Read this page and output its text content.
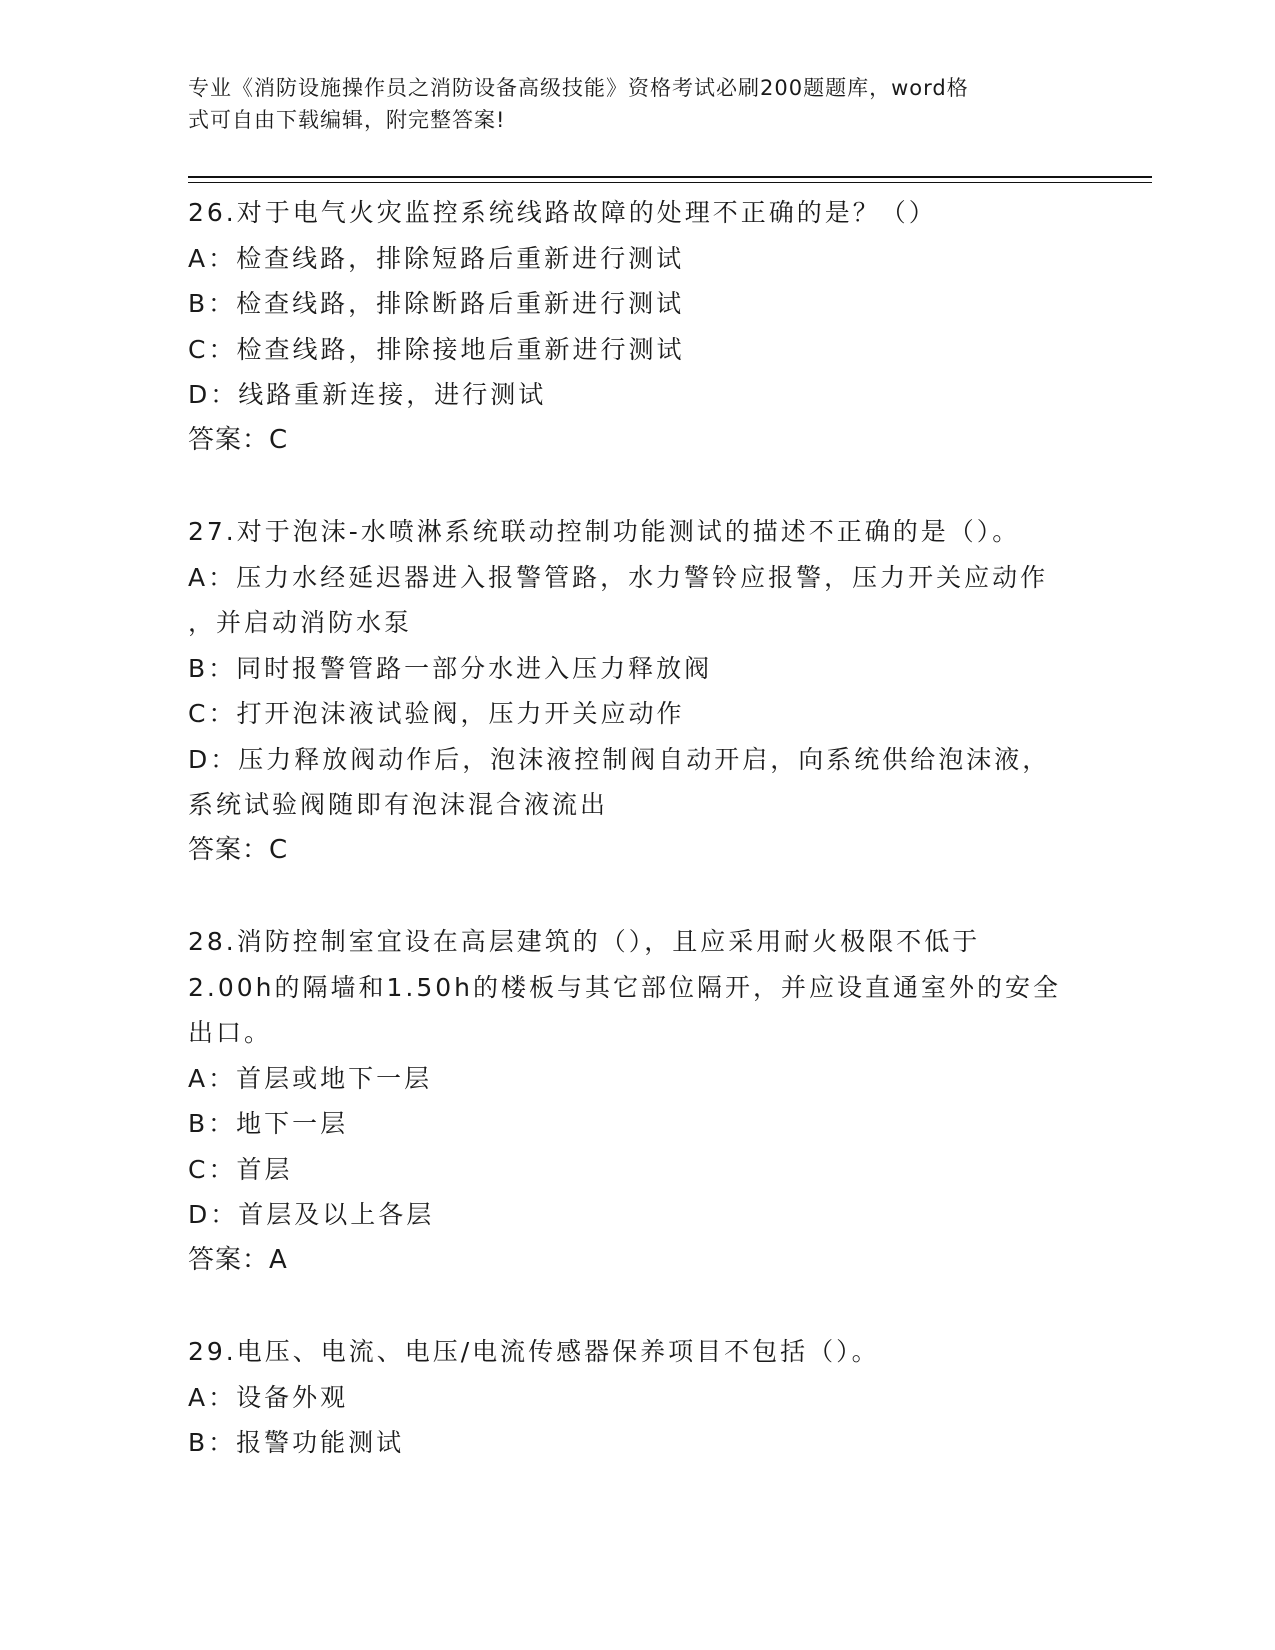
专业《消防设施操作员之消防设备高级技能》资格考试必刷200题题库，word格
式可自由下载编辑，附完整答案!
26.对于电气火灾监控系统线路故障的处理不正确的是？（）
A：检查线路，排除短路后重新进行测试
B：检查线路，排除断路后重新进行测试
C：检查线路，排除接地后重新进行测试
D：线路重新连接，进行测试
答案：C
27.对于泡沫-水喷淋系统联动控制功能测试的描述不正确的是（）。
A：压力水经延迟器进入报警管路，水力警铃应报警，压力开关应动作
，并启动消防水泵
B：同时报警管路一部分水进入压力释放阀
C：打开泡沫液试验阀，压力开关应动作
D：压力释放阀动作后，泡沫液控制阀自动开启，向系统供给泡沫液，
系统试验阀随即有泡沫混合液流出
答案：C
28.消防控制室宜设在高层建筑的（），且应采用耐火极限不低于
2.00h的隔墙和1.50h的楼板与其它部位隔开，并应设直通室外的安全
出口。
A：首层或地下一层
B：地下一层
C：首层
D：首层及以上各层
答案：A
29.电压、电流、电压/电流传感器保养项目不包括（）。
A：设备外观
B：报警功能测试
